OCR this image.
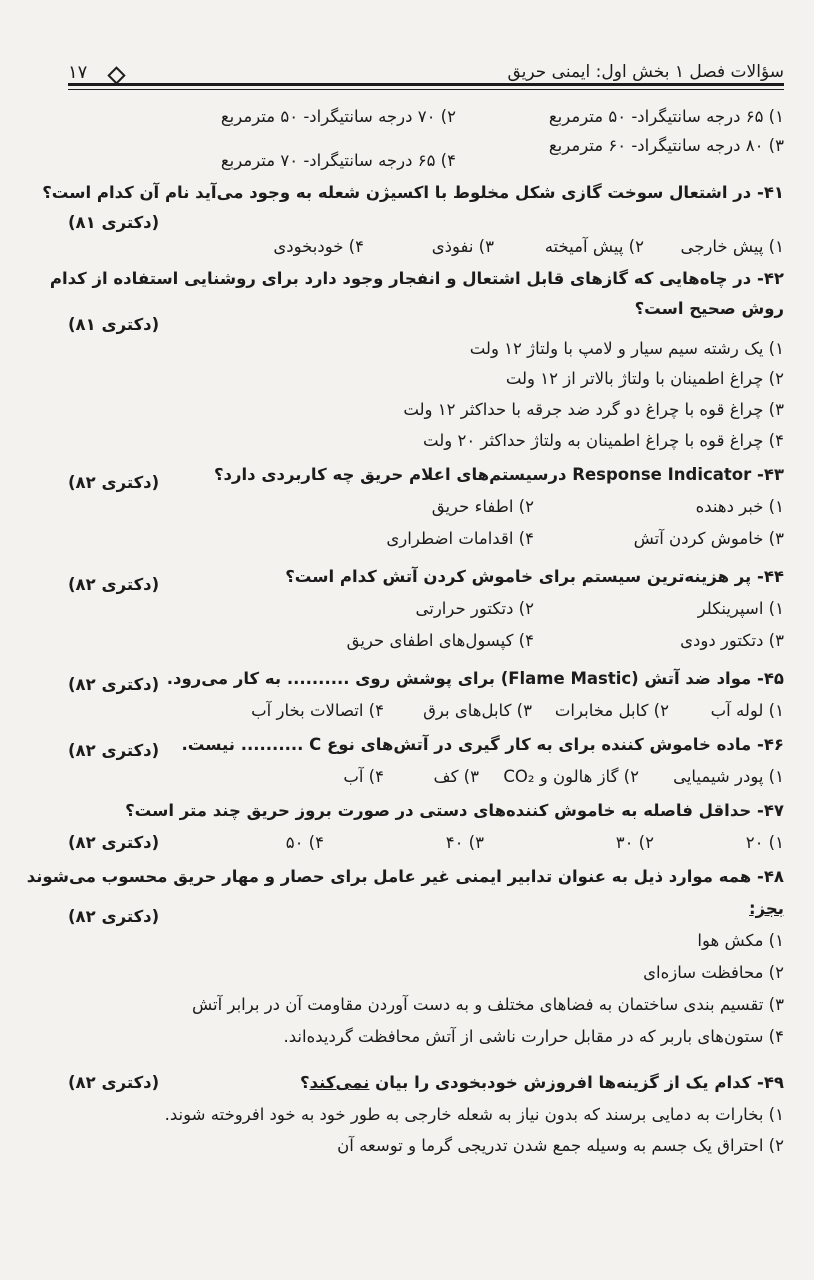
سؤالات فصل ۱ بخش اول: ایمنی حریق
۱۷
۱) ۶۵ درجه سانتیگراد- ۵۰ مترمربع
۲) ۷۰ درجه سانتیگراد- ۵۰ مترمربع
۳) ۸۰ درجه سانتیگراد- ۶۰ مترمربع
۴) ۶۵ درجه سانتیگراد- ۷۰ مترمربع
۴۱- در اشتعال سوخت گازی شکل مخلوط با اکسیژن شعله به وجود می‌آید نام آن کدام است؟
(دکتری ۸۱)
۱) پیش خارجی
۲) پیش آمیخته
۳) نفوذی
۴) خودبخودی
۴۲- در چاه‌هایی که گازهای قابل اشتعال و انفجار وجود دارد برای روشنایی استفاده از کدام
روش صحیح است؟
(دکتری ۸۱)
۱) یک رشته سیم سیار و لامپ با ولتاژ ۱۲ ولت
۲) چراغ اطمینان با ولتاژ بالاتر از ۱۲ ولت
۳) چراغ قوه با چراغ دو گرد ضد جرقه با حداکثر ۱۲ ولت
۴) چراغ قوه با چراغ اطمینان به ولتاژ حداکثر ۲۰ ولت
۴۳- Response Indicator درسیستم‌های اعلام حریق چه کاربردی دارد؟
(دکتری ۸۲)
۱) خبر دهنده
۲) اطفاء حریق
۳) خاموش کردن آتش
۴) اقدامات اضطراری
۴۴- پر هزینه‌ترین سیستم برای خاموش کردن آتش کدام است؟
(دکتری ۸۲)
۱) اسپرینکلر
۲) دتکتور حرارتی
۳) دتکتور دودی
۴) کپسول‌های اطفای حریق
۴۵- مواد ضد آتش (Flame Mastic) برای پوشش روی .......... به کار می‌رود.
(دکتری ۸۲)
۱) لوله آب
۲) کابل مخابرات
۳) کابل‌های برق
۴) اتصالات بخار آب
۴۶- ماده خاموش کننده برای به کار گیری در آتش‌های نوع C .......... نیست.
(دکتری ۸۲)
۱) پودر شیمیایی
۲) گاز هالون و CO₂
۳) کف
۴) آب
۴۷- حداقل فاصله به خاموش کننده‌های دستی در صورت بروز حریق چند متر است؟
۱) ۲۰
۲) ۳۰
۳) ۴۰
۴) ۵۰
(دکتری ۸۲)
۴۸- همه موارد ذیل به عنوان تدابیر ایمنی غیر عامل برای حصار و مهار حریق محسوب می‌شوند
بجز:
(دکتری ۸۲)
۱) مکش هوا
۲) محافظت سازه‌ای
۳) تقسیم بندی ساختمان به فضاهای مختلف و به دست آوردن مقاومت آن در برابر آتش
۴) ستون‌های باربر که در مقابل حرارت ناشی از آتش محافظت گردیده‌اند.
۴۹- کدام یک از گزینه‌ها افروزش خودبخودی را بیان نمی‌کند؟
(دکتری ۸۲)
۱) بخارات به دمایی برسند که بدون نیاز به شعله خارجی به طور خود به خود افروخته شوند.
۲) احتراق یک جسم به وسیله جمع شدن تدریجی گرما و توسعه آن
